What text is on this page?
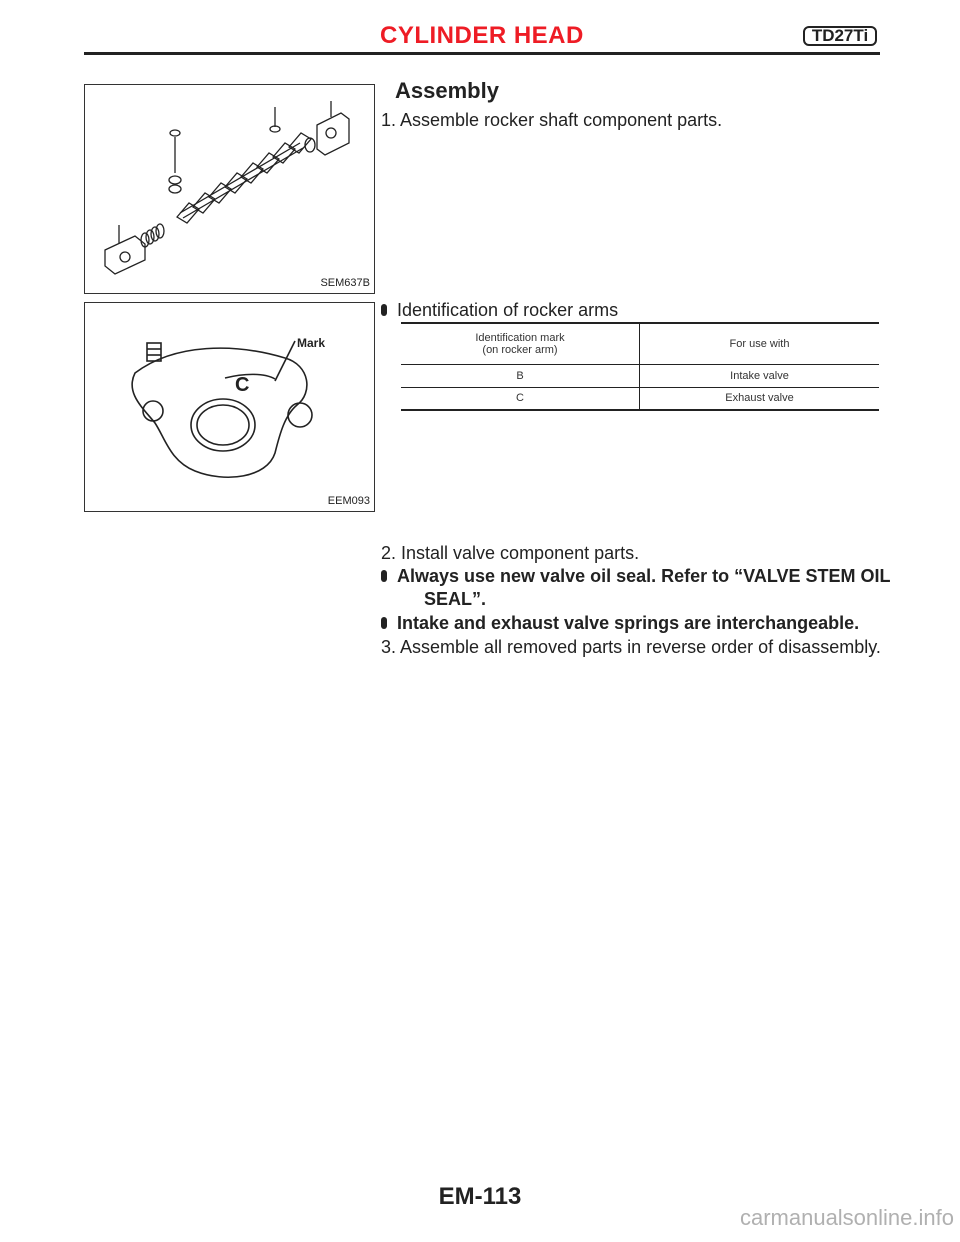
CYLINDER HEAD	TD27Ti
SEM637B
C
Mark
EEM093
Assembly
1. Assemble rocker shaft component parts.
Identification of rocker arms
Identification mark
(on rocker arm)	For use with
B	Intake valve
C	Exhaust valve
2. Install valve component parts.
Always use new valve oil seal. Refer to “VALVE STEM OIL
SEAL”.
Intake and exhaust valve springs are interchangeable.
3. Assemble all removed parts in reverse order of disassembly.
EM-113
carmanualsonline.info
